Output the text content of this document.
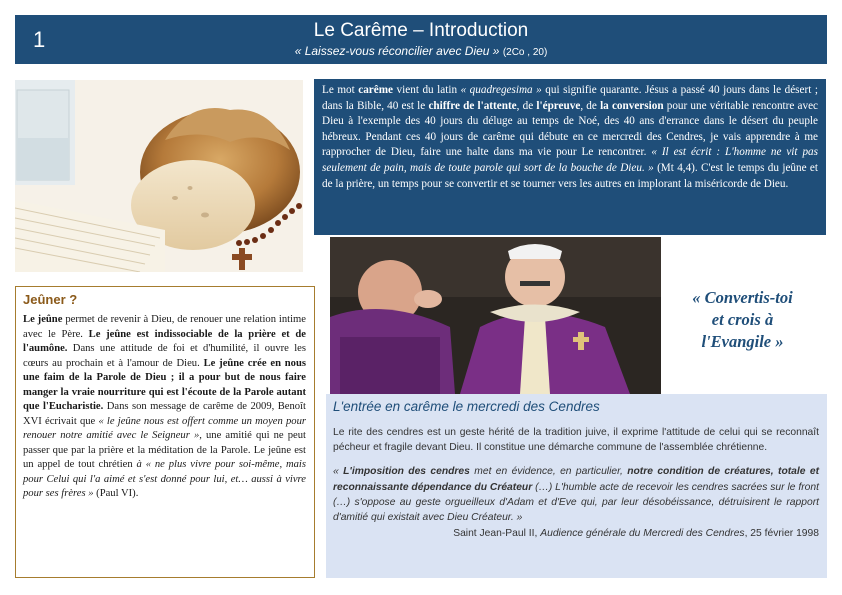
1	Le Carême – Introduction
« Laissez-vous réconcilier avec Dieu » (2Co , 20)
Le mot carême vient du latin « quadregesima » qui signifie quarante. Jésus a passé 40 jours dans le désert ; dans la Bible, 40 est le chiffre de l'attente, de l'épreuve, de la conversion pour une véritable rencontre avec Dieu à l'exemple des 40 jours du déluge au temps de Noé, des 40 ans d'errance dans le désert du peuple hébreux. Pendant ces 40 jours de carême qui débute en ce mercredi des Cendres, je vais apprendre à me rapprocher de Dieu, faire une halte dans ma vie pour Le rencontrer. « Il est écrit : L'homme ne vit pas seulement de pain, mais de toute parole qui sort de la bouche de Dieu. » (Mt 4,4). C'est le temps du jeûne et de la prière, un temps pour se convertir et se tourner vers les autres en implorant la miséricorde de Dieu.
« Convertis-toi
et crois à
l'Evangile »
Jeûner ?
Le jeûne permet de revenir à Dieu, de renouer une relation intime avec le Père. Le jeûne est indissociable de la prière et de l'aumône. Dans une attitude de foi et d'humilité, il ouvre les cœurs au prochain et à l'amour de Dieu. Le jeûne crée en nous une faim de la Parole de Dieu ; il a pour but de nous faire manger la vraie nourriture qui est l'écoute de la Parole autant que l'Eucharistie. Dans son message de carême de 2009, Benoît XVI écrivait que « le jeûne nous est offert comme un moyen pour renouer notre amitié avec le Seigneur », une amitié qui ne peut passer que par la prière et la méditation de la Parole. Le jeûne est un appel de tout chrétien à « ne plus vivre pour soi-même, mais pour Celui qui l'a aimé et s'est donné pour lui, et… aussi à vivre pour ses frères » (Paul VI).
L'entrée en carême le mercredi des Cendres
Le rite des cendres est un geste hérité de la tradition juive, il exprime l'attitude de celui qui se reconnaît pécheur et fragile devant Dieu. Il constitue une démarche commune de l'assemblée chrétienne.
« L'imposition des cendres met en évidence, en particulier, notre condition de créatures, totale et reconnaissante dépendance du Créateur (…) L'humble acte de recevoir les cendres sacrées sur le front (…) s'oppose au geste orgueilleux d'Adam et d'Eve qui, par leur désobéissance, détruisirent le rapport d'amitié qui existait avec Dieu Créateur. »
Saint Jean-Paul II, Audience générale du Mercredi des Cendres, 25 février 1998
